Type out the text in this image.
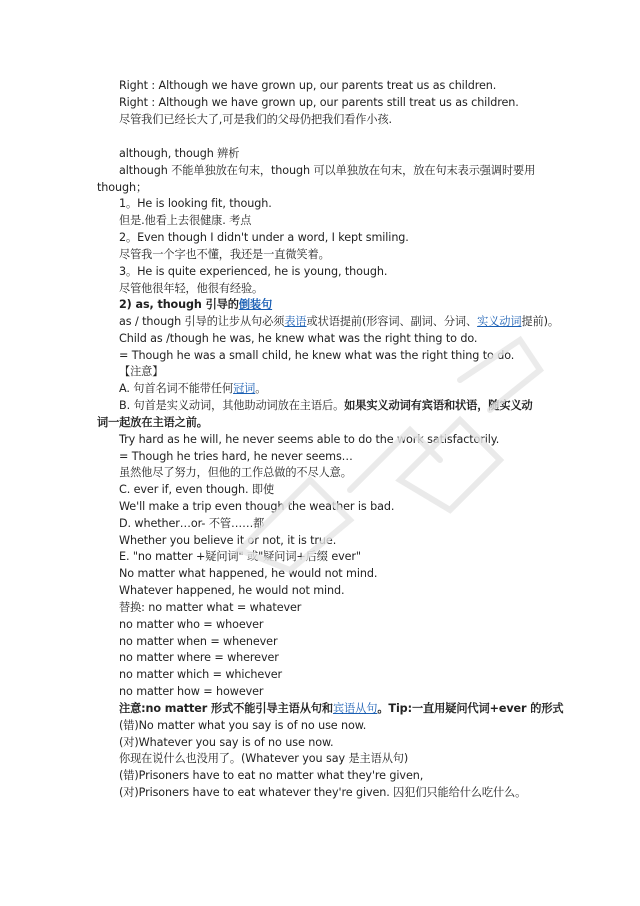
Right : Although we have grown up, our parents treat us as children.
Right : Although we have grown up, our parents still treat us as children.
尽管我们已经长大了,可是我们的父母仍把我们看作小孩.
although, though 辨析
although 不能单独放在句末，though 可以单独放在句末，放在句末表示强调时要用
though；
1。He is looking fit, though.
但是.他看上去很健康. 考点
2。Even though I didn't under a word, I kept smiling.
尽管我一个字也不懂，我还是一直微笑着。
3。He is quite experienced, he is young, though.
尽管他很年轻，他很有经验。
2) as, though 引导的倒装句
as / though 引导的让步从句必须表语或状语提前(形容词、副词、分词、实义动词提前)。
Child as /though he was, he knew what was the right thing to do.
= Though he was a small child, he knew what was the right thing to do.
【注意】
A. 句首名词不能带任何冠词。
B. 句首是实义动词，其他助动词放在主语后。如果实义动词有宾语和状语，随实义动
词一起放在主语之前。
Try hard as he will, he never seems able to do the work satisfactorily.
= Though he tries hard, he never seems…
虽然他尽了努力，但他的工作总做的不尽人意。
C. ever if, even though. 即使
We'll make a trip even though the weather is bad.
D. whether…or- 不管……都
Whether you believe it or not, it is true.
E. "no matter +疑问词" 或"疑问词+后缀 ever"
No matter what happened, he would not mind.
Whatever happened, he would not mind.
替换: no matter what = whatever
no matter who = whoever
no matter when = whenever
no matter where = wherever
no matter which = whichever
no matter how = however
注意:no matter 形式不能引导主语从句和宾语从句。Tip:一直用疑问代词+ever 的形式
(错)No matter what you say is of no use now.
(对)Whatever you say is of no use now.
你现在说什么也没用了。(Whatever you say 是主语从句)
(错)Prisoners have to eat no matter what they're given,
(对)Prisoners have to eat whatever they're given. 囚犯们只能给什么吃什么。
